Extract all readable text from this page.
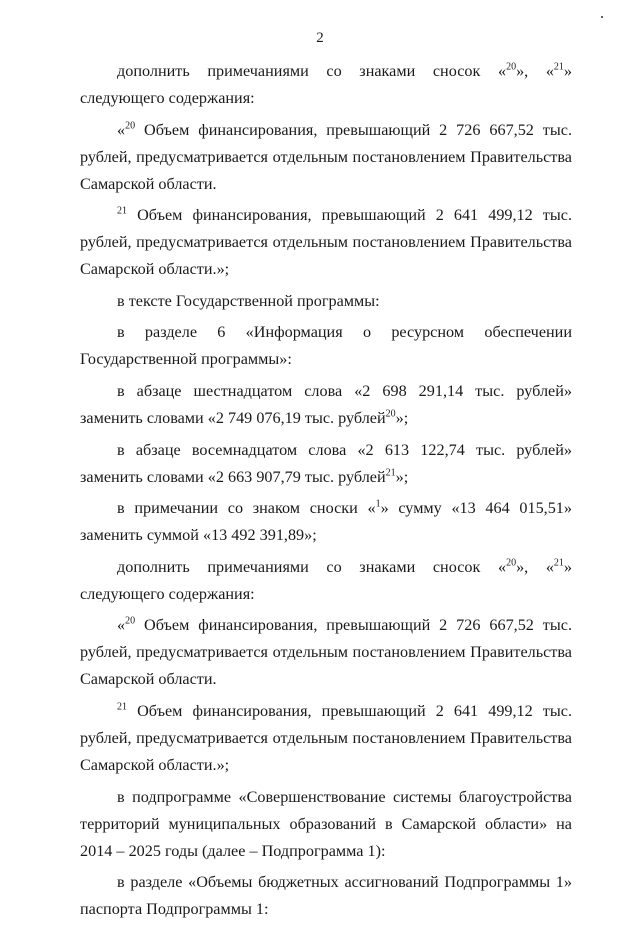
2

дополнить примечаниями со знаками сносок «$^{20}$», «$^{21}$» следующего содержания:

«$^{20}$ Объем финансирования, превышающий 2 726 667,52 тыс. рублей, предусматривается отдельным постановлением Правительства Самарской области.

$^{21}$ Объем финансирования, превышающий 2 641 499,12 тыс. рублей, предусматривается отдельным постановлением Правительства Самарской области.»;

в тексте Государственной программы:

в разделе 6 «Информация о ресурсном обеспечении Государственной программы»:

в абзаце шестнадцатом слова «2 698 291,14 тыс. рублей» заменить словами «2 749 076,19 тыс. рублей$^{20}$»;

в абзаце восемнадцатом слова «2 613 122,74 тыс. рублей» заменить словами «2 663 907,79 тыс. рублей$^{21}$»;

в примечании со знаком сноски «$^1$» сумму «13 464 015,51» заменить суммой «13 492 391,89»;

дополнить примечаниями со знаками сносок «$^{20}$», «$^{21}$» следующего содержания:

«$^{20}$ Объем финансирования, превышающий 2 726 667,52 тыс. рублей, предусматривается отдельным постановлением Правительства Самарской области.

$^{21}$ Объем финансирования, превышающий 2 641 499,12 тыс. рублей, предусматривается отдельным постановлением Правительства Самарской области.»;

в подпрограмме «Совершенствование системы благоустройства территорий муниципальных образований в Самарской области» на 2014 – 2025 годы (далее – Подпрограмма 1):

в разделе «Объемы бюджетных ассигнований Подпрограммы 1» паспорта Подпрограммы 1:
